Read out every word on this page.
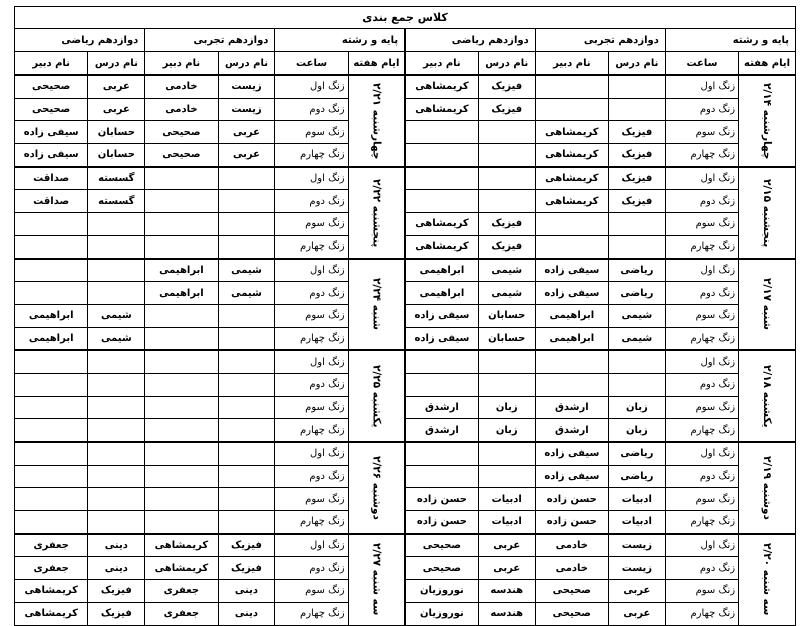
کلاس جمع بندی											
پایه و رشته		دوازدهم تجربی		دوازدهم ریاضی		پایه و رشته		دوازدهم تجربی		دوازدهم ریاضی	
ایام هفته	ساعت	نام درس	نام دبیر	نام درس	نام دبیر	ایام هفته	ساعت	نام درس	نام دبیر	نام درس	نام دبیر

چهارشنبه ۲/۱۴	زنگ اول			فیزیک	کریمشاهی	چهارشنبه ۲/۲۱	زنگ اول	زیست	خادمی	عربی	صحیحی
	زنگ دوم			فیزیک	کریمشاهی		زنگ دوم	زیست	خادمی	عربی	صحیحی
	زنگ سوم	فیزیک	کریمشاهی				زنگ سوم	عربی	صحیحی	حسابان	سیفی زاده
	زنگ چهارم	فیزیک	کریمشاهی				زنگ چهارم	عربی	صحیحی	حسابان	سیفی زاده

پنجشنبه ۲/۱۵	زنگ اول	فیزیک	کریمشاهی			پنجشنبه ۲/۲۲	زنگ اول			گسسته	صداقت
	زنگ دوم	فیزیک	کریمشاهی				زنگ دوم			گسسته	صداقت
	زنگ سوم			فیزیک	کریمشاهی		زنگ سوم				
	زنگ چهارم			فیزیک	کریمشاهی		زنگ چهارم				

شنبه ۲/۱۷	زنگ اول	ریاضی	سیفی زاده	شیمی	ابراهیمی	شنبه ۲/۲۴	زنگ اول	شیمی	ابراهیمی		
	زنگ دوم	ریاضی	سیفی زاده	شیمی	ابراهیمی		زنگ دوم	شیمی	ابراهیمی		
	زنگ سوم	شیمی	ابراهیمی	حسابان	سیفی زاده		زنگ سوم			شیمی	ابراهیمی
	زنگ چهارم	شیمی	ابراهیمی	حسابان	سیفی زاده		زنگ چهارم			شیمی	ابراهیمی

یکشنبه ۲/۱۸	زنگ اول					یکشنبه ۲/۲۵	زنگ اول				
	زنگ دوم						زنگ دوم				
	زنگ سوم	زبان	ارشدق	زبان	ارشدق		زنگ سوم				
	زنگ چهارم	زبان	ارشدق	زبان	ارشدق		زنگ چهارم				

دوشنبه ۲/۱۹	زنگ اول	ریاضی	سیفی زاده			دوشنبه ۲/۲۶	زنگ اول				
	زنگ دوم	ریاضی	سیفی زاده				زنگ دوم				
	زنگ سوم	ادبیات	حسن زاده	ادبیات	حسن زاده		زنگ سوم				
	زنگ چهارم	ادبیات	حسن زاده	ادبیات	حسن زاده		زنگ چهارم				

سه شنبه ۲/۲۰	زنگ اول	زیست	خادمی	عربی	صحیحی	سه شنبه ۲/۲۷	زنگ اول	فیزیک	کریمشاهی	دینی	جعفری
	زنگ دوم	زیست	خادمی	عربی	صحیحی		زنگ دوم	فیزیک	کریمشاهی	دینی	جعفری
	زنگ سوم	عربی	صحیحی	هندسه	نوروزیان		زنگ سوم	دینی	جعفری	فیزیک	کریمشاهی
	زنگ چهارم	عربی	صحیحی	هندسه	نوروزیان		زنگ چهارم	دینی	جعفری	فیزیک	کریمشاهی
